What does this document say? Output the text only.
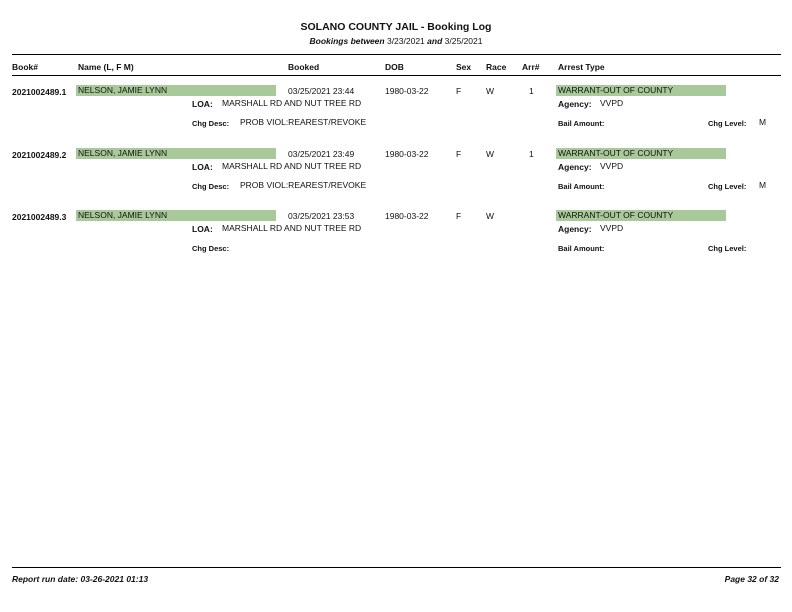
SOLANO COUNTY JAIL - Booking Log
Bookings between 3/23/2021 and 3/25/2021
Book#	Name (L, F M)	Booked	DOB	Sex Race Arr# Arrest Type
2021002489.1 NELSON, JAMIE LYNN	03/25/2021 23:44	1980-03-22	F	W	1	WARRANT-OUT OF COUNTY
LOA: MARSHALL RD AND NUT TREE RD	Agency: VVPD
Chg Desc: PROB VIOL:REAREST/REVOKE	Bail Amount:	Chg Level: M
2021002489.2 NELSON, JAMIE LYNN	03/25/2021 23:49	1980-03-22	F	W	1	WARRANT-OUT OF COUNTY
LOA: MARSHALL RD AND NUT TREE RD	Agency: VVPD
Chg Desc: PROB VIOL:REAREST/REVOKE	Bail Amount:	Chg Level: M
2021002489.3 NELSON, JAMIE LYNN	03/25/2021 23:53	1980-03-22	F	W	WARRANT-OUT OF COUNTY
LOA: MARSHALL RD AND NUT TREE RD	Agency: VVPD
Chg Desc:	Bail Amount:	Chg Level:
Report run date: 03-26-2021 01:13	Page 32 of 32
